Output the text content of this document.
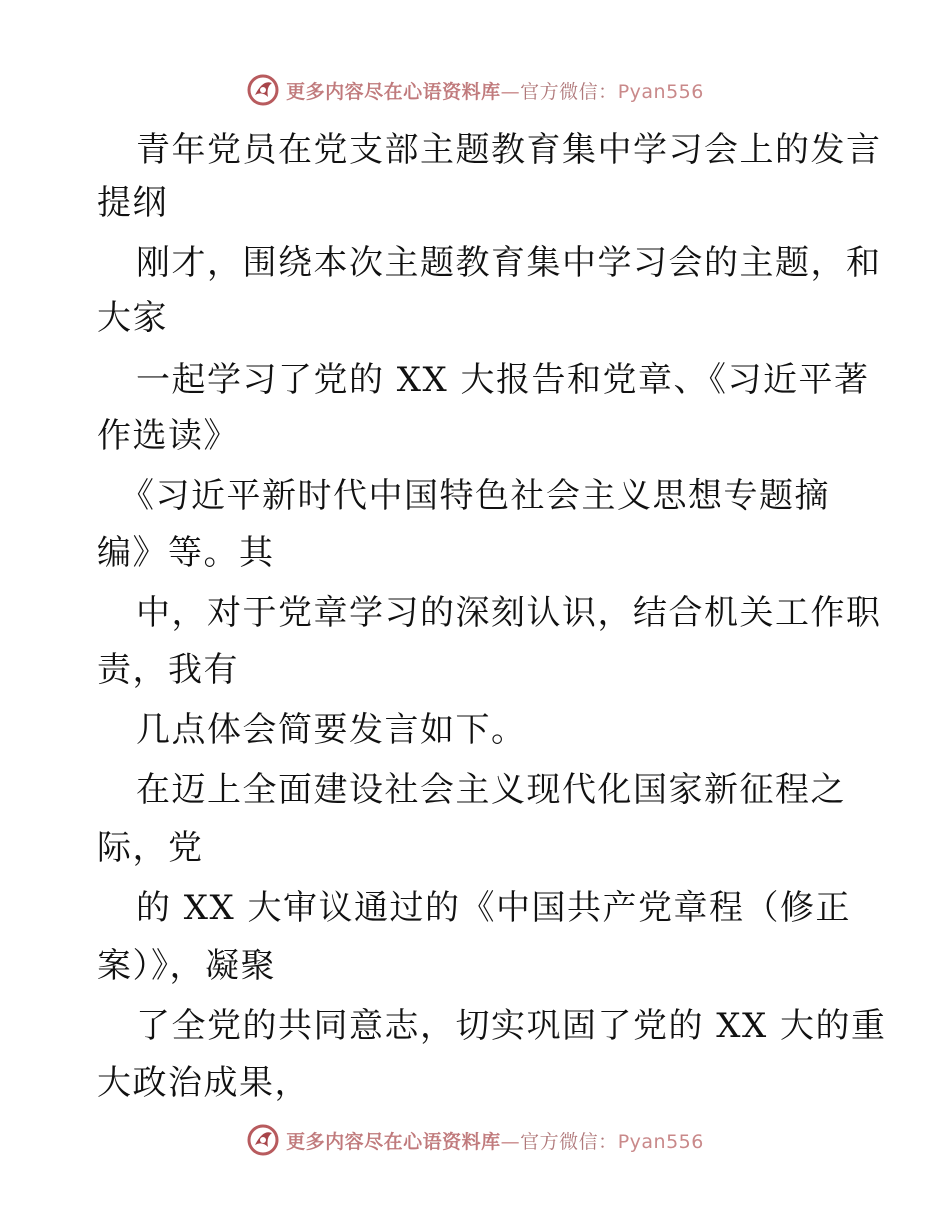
更多内容尽在心语资料库—官方微信：Pyan556
青年党员在党支部主题教育集中学习会上的发言
提纲
刚才，围绕本次主题教育集中学习会的主题，和
大家
一起学习了党的 XX 大报告和党章、《习近平著
作选读》
《习近平新时代中国特色社会主义思想专题摘
编》等。其
中，对于党章学习的深刻认识，结合机关工作职
责，我有
几点体会简要发言如下。
在迈上全面建设社会主义现代化国家新征程之
际，党
的 XX 大审议通过的《中国共产党章程（修正
案）》，凝聚
了全党的共同意志，切实巩固了党的 XX 大的重
大政治成果，
更多内容尽在心语资料库—官方微信：Pyan556
